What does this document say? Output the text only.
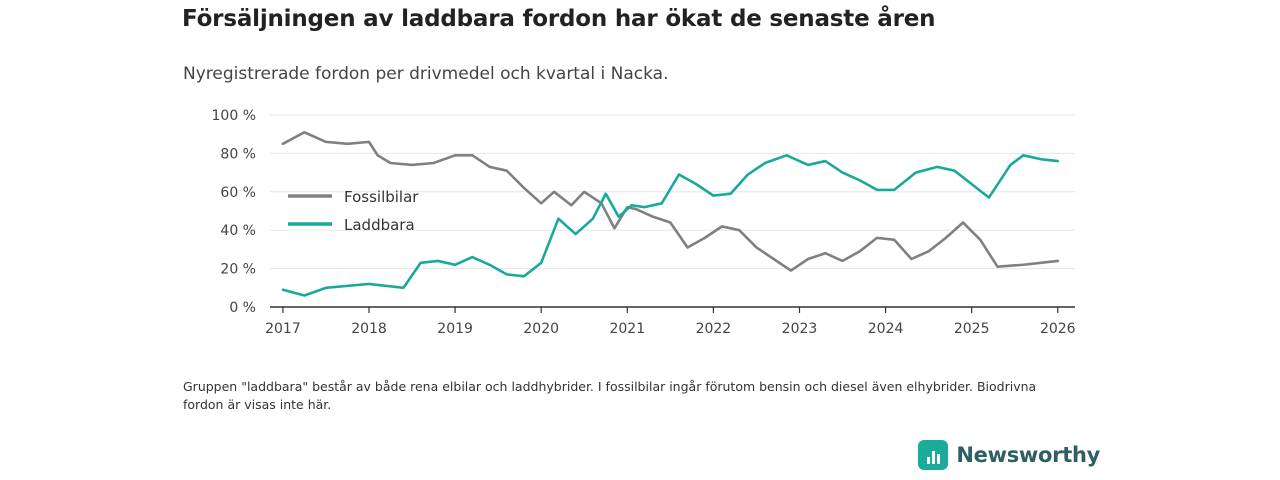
Försäljningen av laddbara fordon har ökat de senaste åren
Nyregistrerade fordon per drivmedel och kvartal i Nacka.
0 %
20 %
40 %
60 %
80 %
100 %
2017	2018	2019	2020	2021	2022	2023	2024	2025	2026
Fossilbilar
Laddbara
Gruppen "laddbara" består av både rena elbilar och laddhybrider. I fossilbilar ingår förutom bensin och diesel även elhybrider. Biodrivna fordon är visas inte här.
Newsworthy
